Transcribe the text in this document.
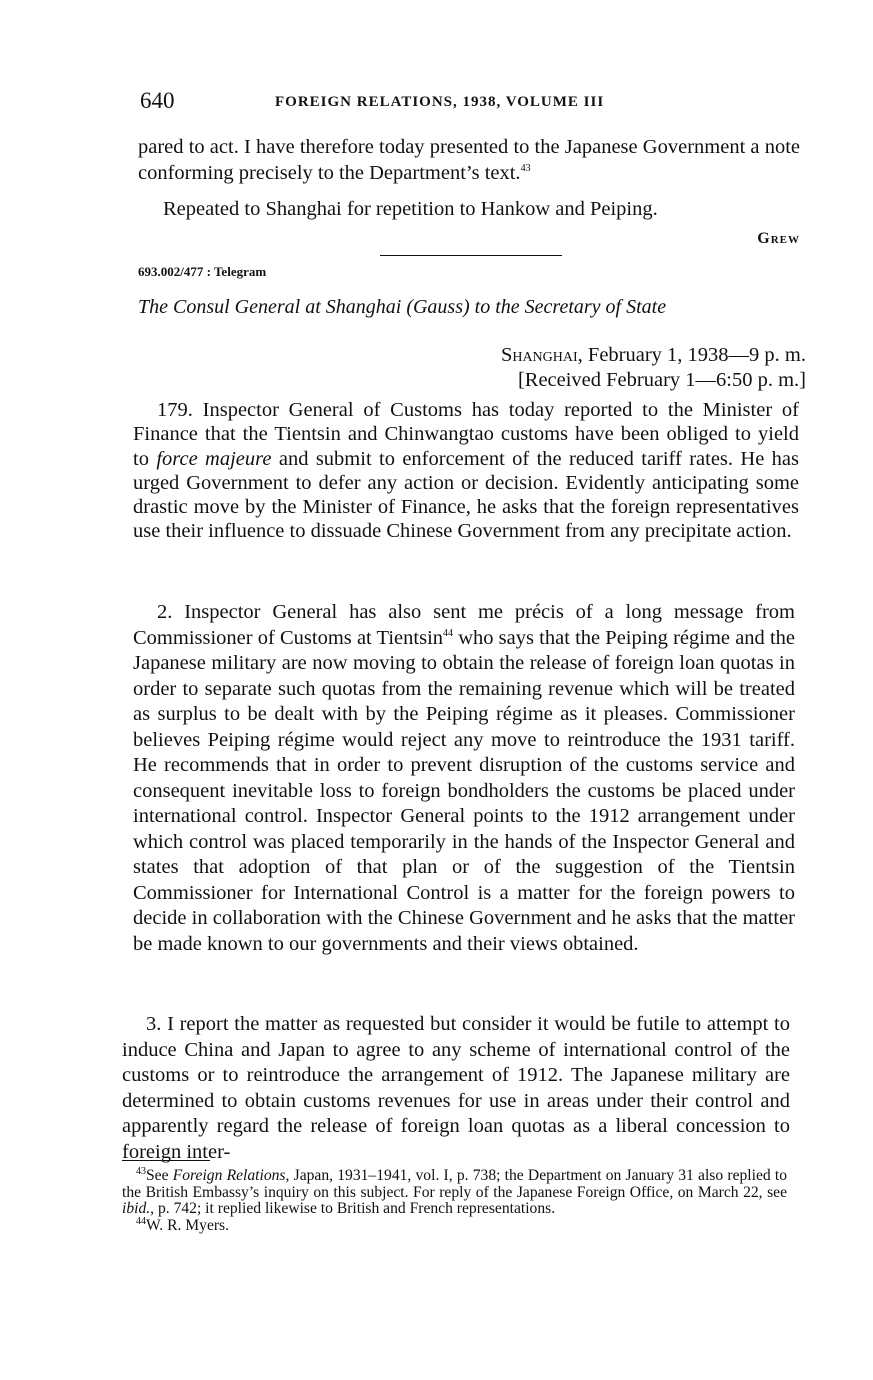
640	FOREIGN RELATIONS, 1938, VOLUME III

pared to act. I have therefore today presented to the Japanese Government a note conforming precisely to the Department’s text.$^{43}$

Repeated to Shanghai for repetition to Hankow and Peiping.

Grew
693.002/477 : Telegram
The Consul General at Shanghai (Gauss) to the Secretary of State
Shanghai, February 1, 1938—9 p. m.
[Received February 1—6:50 p. m.]

179. Inspector General of Customs has today reported to the Minister of Finance that the Tientsin and Chinwangtao customs have been obliged to yield to force majeure and submit to enforcement of the reduced tariff rates. He has urged Government to defer any action or decision. Evidently anticipating some drastic move by the Minister of Finance, he asks that the foreign representatives use their influence to dissuade Chinese Government from any precipitate action.

2. Inspector General has also sent me précis of a long message from Commissioner of Customs at Tientsin$^{44}$ who says that the Peiping régime and the Japanese military are now moving to obtain the release of foreign loan quotas in order to separate such quotas from the remaining revenue which will be treated as surplus to be dealt with by the Peiping régime as it pleases. Commissioner believes Peiping régime would reject any move to reintroduce the 1931 tariff. He recommends that in order to prevent disruption of the customs service and consequent inevitable loss to foreign bondholders the customs be placed under international control. Inspector General points to the 1912 arrangement under which control was placed temporarily in the hands of the Inspector General and states that adoption of that plan or of the suggestion of the Tientsin Commissioner for International Control is a matter for the foreign powers to decide in collaboration with the Chinese Government and he asks that the matter be made known to our governments and their views obtained.

3. I report the matter as requested but consider it would be futile to attempt to induce China and Japan to agree to any scheme of international control of the customs or to reintroduce the arrangement of 1912. The Japanese military are determined to obtain customs revenues for use in areas under their control and apparently regard the release of foreign loan quotas as a liberal concession to foreign inter-

$^{43}$See Foreign Relations, Japan, 1931–1941, vol. I, p. 738; the Department on January 31 also replied to the British Embassy’s inquiry on this subject. For reply of the Japanese Foreign Office, on March 22, see ibid., p. 742; it replied likewise to British and French representations.

$^{44}$W. R. Myers.
